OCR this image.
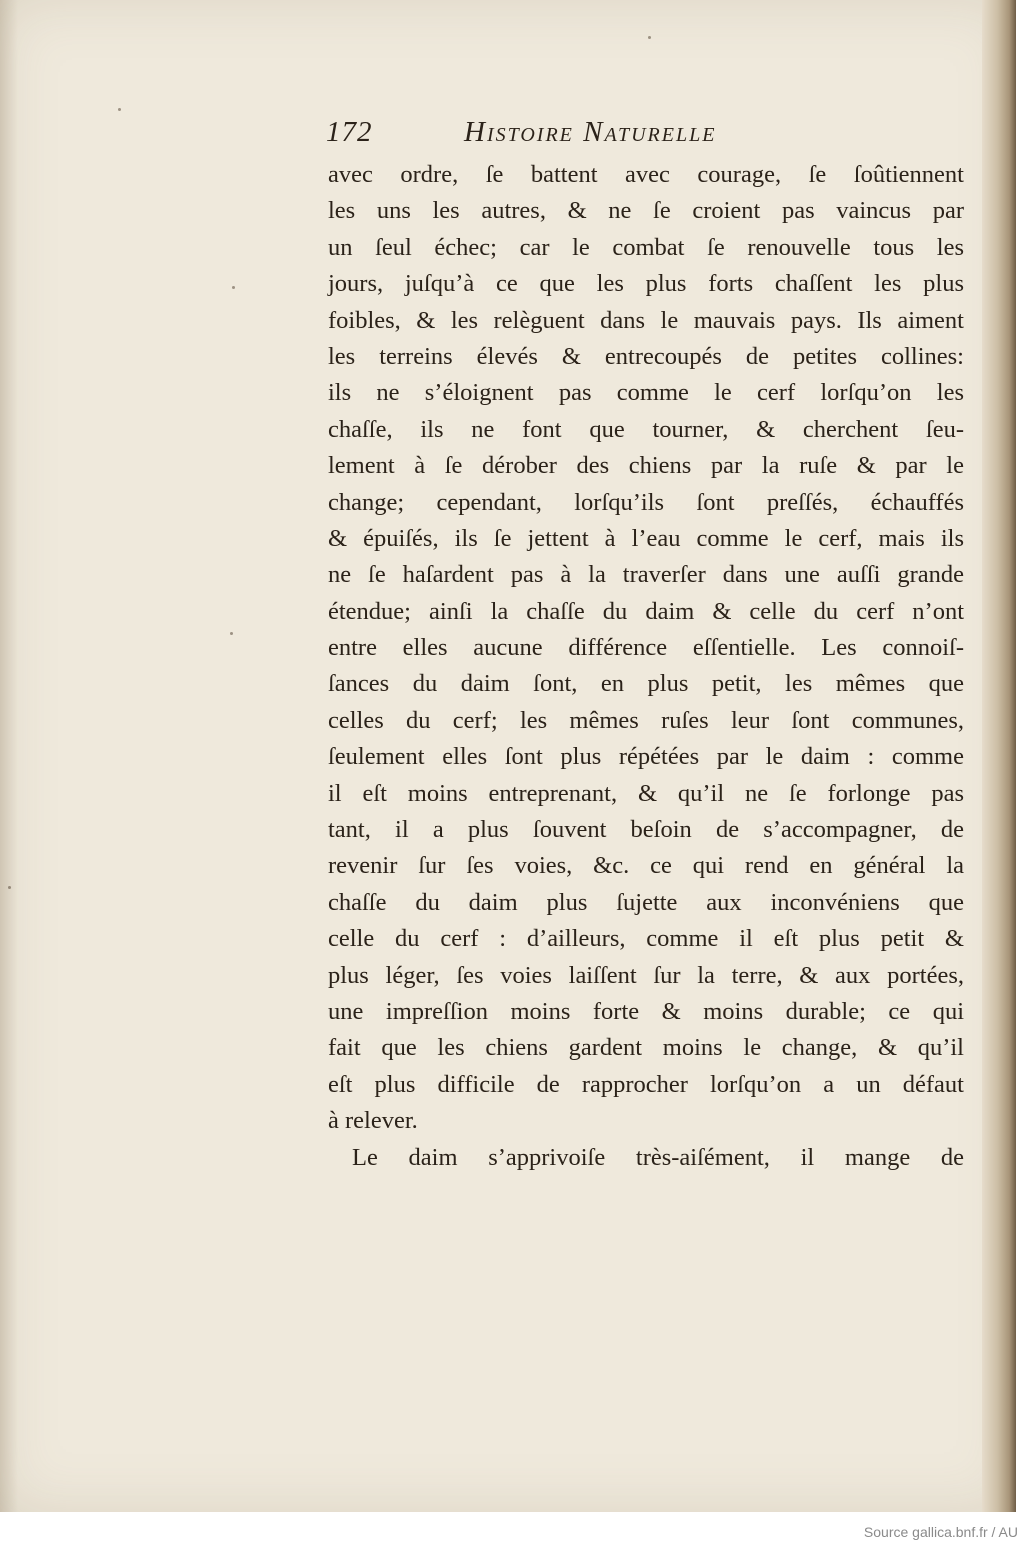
172	Histoire Naturelle
avec ordre, ſe battent avec courage, ſe ſoûtiennent
les uns les autres, & ne ſe croient pas vaincus par
un ſeul échec; car le combat ſe renouvelle tous les
jours, juſqu’à ce que les plus forts chaſſent les plus
foibles, & les relèguent dans le mauvais pays. Ils aiment
les terreins élevés & entrecoupés de petites collines:
ils ne s’éloignent pas comme le cerf lorſqu’on les
chaſſe, ils ne font que tourner, & cherchent ſeu-
lement à ſe dérober des chiens par la ruſe & par le
change; cependant, lorſqu’ils ſont preſſés, échauffés
& épuiſés, ils ſe jettent à l’eau comme le cerf, mais ils
ne ſe haſardent pas à la traverſer dans une auſſi grande
étendue; ainſi la chaſſe du daim & celle du cerf n’ont
entre elles aucune différence eſſentielle. Les connoiſ-
ſances du daim ſont, en plus petit, les mêmes que
celles du cerf; les mêmes ruſes leur ſont communes,
ſeulement elles ſont plus répétées par le daim : comme
il eſt moins entreprenant, & qu’il ne ſe forlonge pas
tant, il a plus ſouvent beſoin de s’accompagner, de
revenir ſur ſes voies, &c. ce qui rend en général la
chaſſe du daim plus ſujette aux inconvéniens que
celle du cerf : d’ailleurs, comme il eſt plus petit &
plus léger, ſes voies laiſſent ſur la terre, & aux portées,
une impreſſion moins forte & moins durable; ce qui
fait que les chiens gardent moins le change, & qu’il
eſt plus difficile de rapprocher lorſqu’on a un défaut
à relever.
Le daim s’apprivoiſe très-aiſément, il mange de
Source gallica.bnf.fr / AU
